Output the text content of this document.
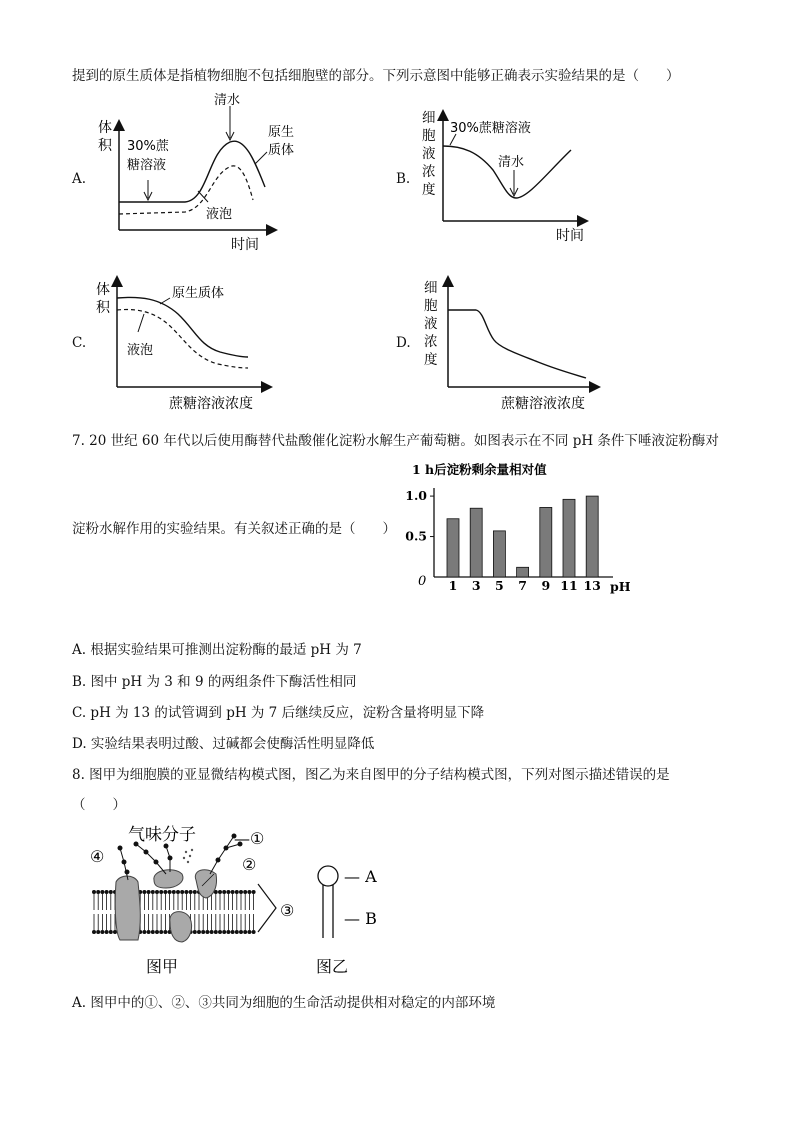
提到的原生质体是指植物细胞不包括细胞壁的部分。下列示意图中能够正确表示实验结果的是（　　）
A.	B.
C.	D.
体
积
时间
30%蔗
糖溶液
清水
原生
质体
液泡
细
胞
液
浓
度
30%蔗糖溶液
清水
时间
体
积
原生质体
液泡
蔗糖溶液浓度
细
胞
液
浓
度
蔗糖溶液浓度
7. 20 世纪 60 年代以后使用酶替代盐酸催化淀粉水解生产葡萄糖。如图表示在不同 pH 条件下唾液淀粉酶对
淀粉水解作用的实验结果。有关叙述正确的是（　　）
1 h后淀粉剩余量相对值
0	pH
1.0
0.5
1 3 5 7 9 11 13
A. 根据实验结果可推测出淀粉酶的最适 pH 为 7
B. 图中 pH 为 3 和 9 的两组条件下酶活性相同
C. pH 为 13 的试管调到 pH 为 7 后继续反应，淀粉含量将明显下降
D. 实验结果表明过酸、过碱都会使酶活性明显降低
8. 图甲为细胞膜的亚显微结构模式图，图乙为来自图甲的分子结构模式图，下列对图示描述错误的是
（　　）
气味分子 —①
②
③
④
图甲
— A
— B
图乙
A. 图甲中的①、②、③共同为细胞的生命活动提供相对稳定的内部环境
